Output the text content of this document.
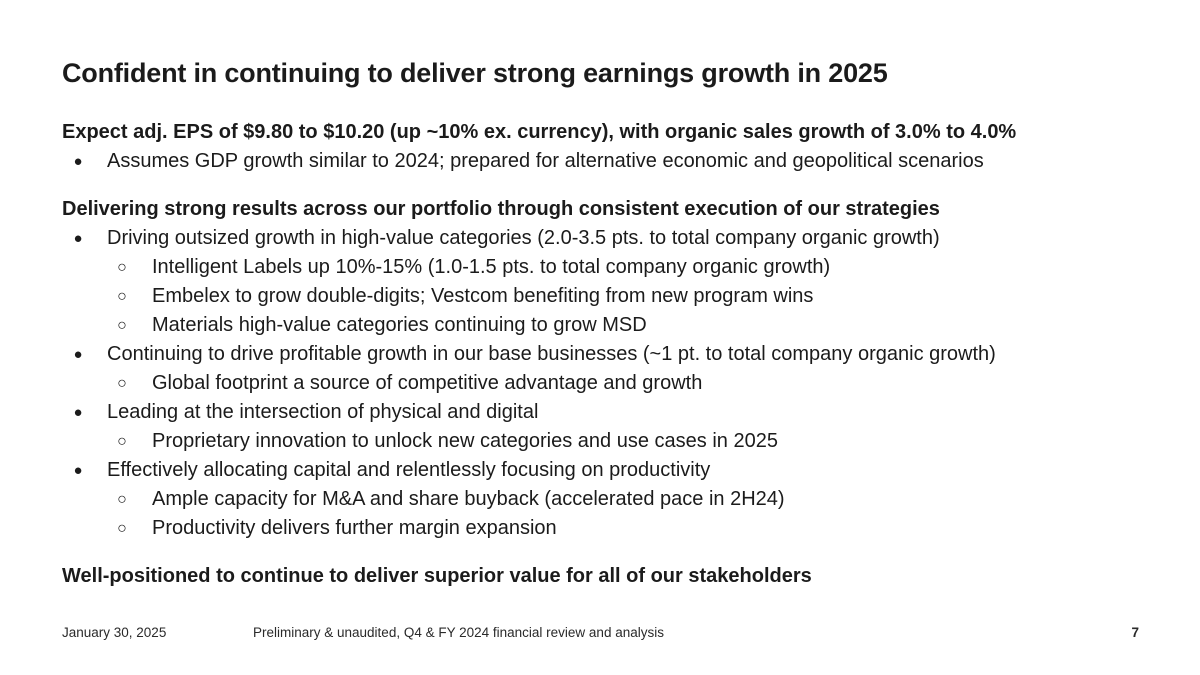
Confident in continuing to deliver strong earnings growth in 2025
Expect adj. EPS of $9.80 to $10.20 (up ~10% ex. currency), with organic sales growth of 3.0% to 4.0%
● Assumes GDP growth similar to 2024; prepared for alternative economic and geopolitical scenarios
Delivering strong results across our portfolio through consistent execution of our strategies
● Driving outsized growth in high-value categories (2.0-3.5 pts. to total company organic growth)
○ Intelligent Labels up 10%-15% (1.0-1.5 pts. to total company organic growth)
○ Embelex to grow double-digits; Vestcom benefiting from new program wins
○ Materials high-value categories continuing to grow MSD
● Continuing to drive profitable growth in our base businesses (~1 pt. to total company organic growth)
○ Global footprint a source of competitive advantage and growth
● Leading at the intersection of physical and digital
○ Proprietary innovation to unlock new categories and use cases in 2025
● Effectively allocating capital and relentlessly focusing on productivity
○ Ample capacity for M&A and share buyback (accelerated pace in 2H24)
○ Productivity delivers further margin expansion
Well-positioned to continue to deliver superior value for all of our stakeholders
January 30, 2025	Preliminary & unaudited, Q4 & FY 2024 financial review and analysis	7
